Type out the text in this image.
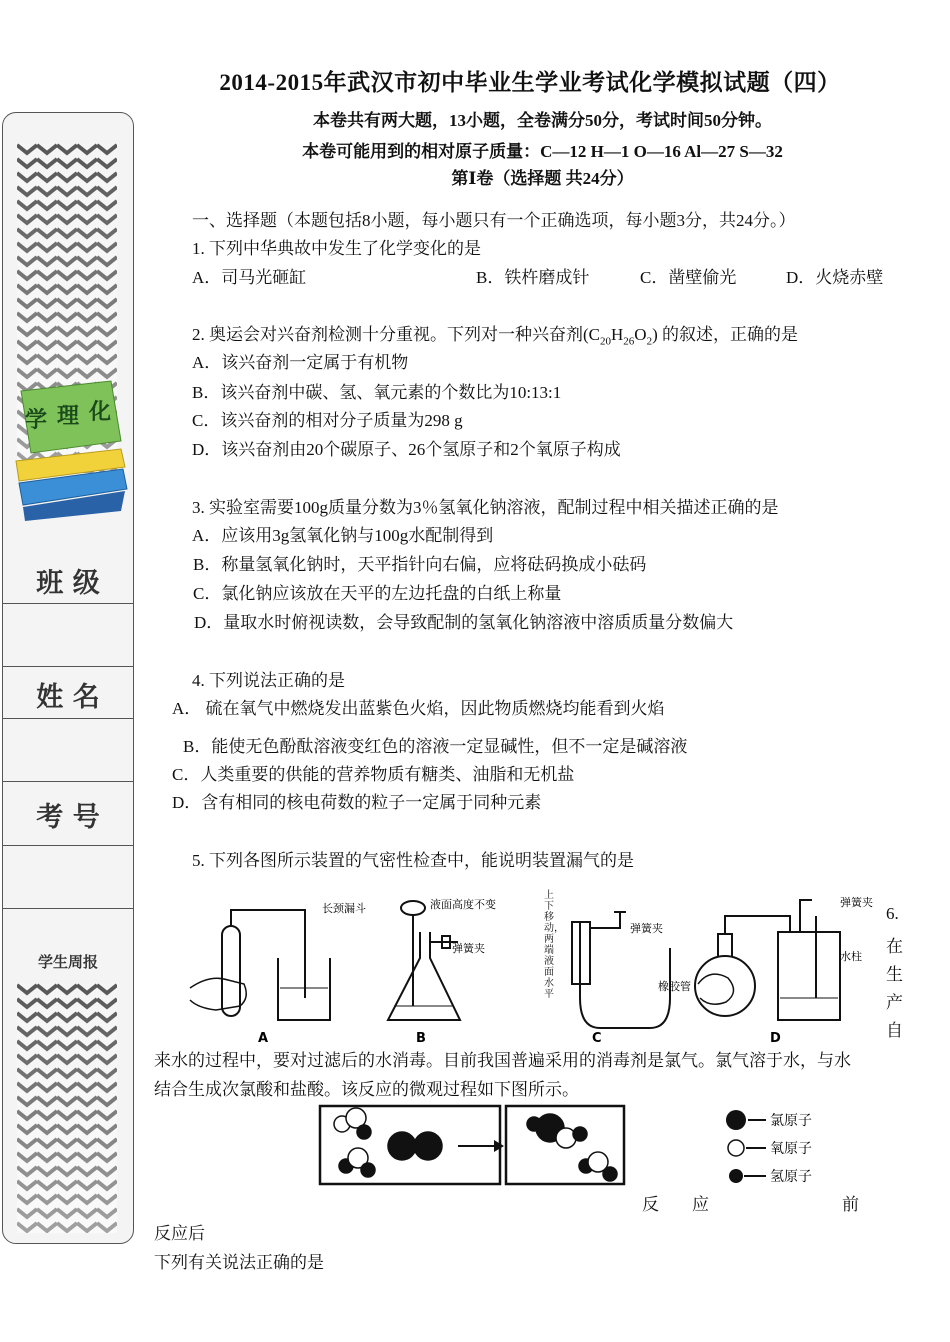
2014-2015年武汉市初中毕业生学业考试化学模拟试题（四）
本卷共有两大题，13小题，全卷满分50分，考试时间50分钟。
本卷可能用到的相对原子质量：C—12 H—1 O—16 Al—27 S—32
第Ⅰ卷（选择题 共24分）
学 理 化
班 级
姓 名
考 号
学生周报
一、选择题（本题包括8小题，每小题只有一个正确选项，每小题3分，共24分。）
1. 下列中华典故中发生了化学变化的是
A．司马光砸缸	B．铁杵磨成针	C．凿壁偷光	D．火烧赤壁
2. 奥运会对兴奋剂检测十分重视。下列对一种兴奋剂$(C_{20}H_{26}O_2)$ 的叙述，正确的是
A．该兴奋剂一定属于有机物
B．该兴奋剂中碳、氢、氧元素的个数比为10:13:1
C．该兴奋剂的相对分子质量为298 g
D．该兴奋剂由20个碳原子、26个氢原子和2个氧原子构成
3. 实验室需要100g质量分数为3％氢氧化钠溶液，配制过程中相关描述正确的是
A．应该用3g氢氧化钠与100g水配制得到
B．称量氢氧化钠时，天平指针向右偏，应将砝码换成小砝码
C．氯化钠应该放在天平的左边托盘的白纸上称量
D．量取水时俯视读数，会导致配制的氢氧化钠溶液中溶质质量分数偏大
4. 下列说法正确的是
A． 硫在氧气中燃烧发出蓝紫色火焰，因此物质燃烧均能看到火焰
B．能使无色酚酞溶液变红色的溶液一定显碱性，但不一定是碱溶液
C．人类重要的供能的营养物质有糖类、油脂和无机盐
D．含有相同的核电荷数的粒子一定属于同种元素
5. 下列各图所示装置的气密性检查中，能说明装置漏气的是
A	B	C	D
长颈漏斗	液面高度不变
弹簧夹
弹簧夹
橡胶管
弹簧夹
水柱
上下移动，两端液面水平
6.
在
生
产
自
来水的过程中，要对过滤后的水消毒。目前我国普遍采用的消毒剂是氯气。氯气溶于水，与水
结合生成次氯酸和盐酸。该反应的微观过程如下图所示。
氯原子
氧原子
氢原子
反 应	前
反应后
下列有关说法正确的是
